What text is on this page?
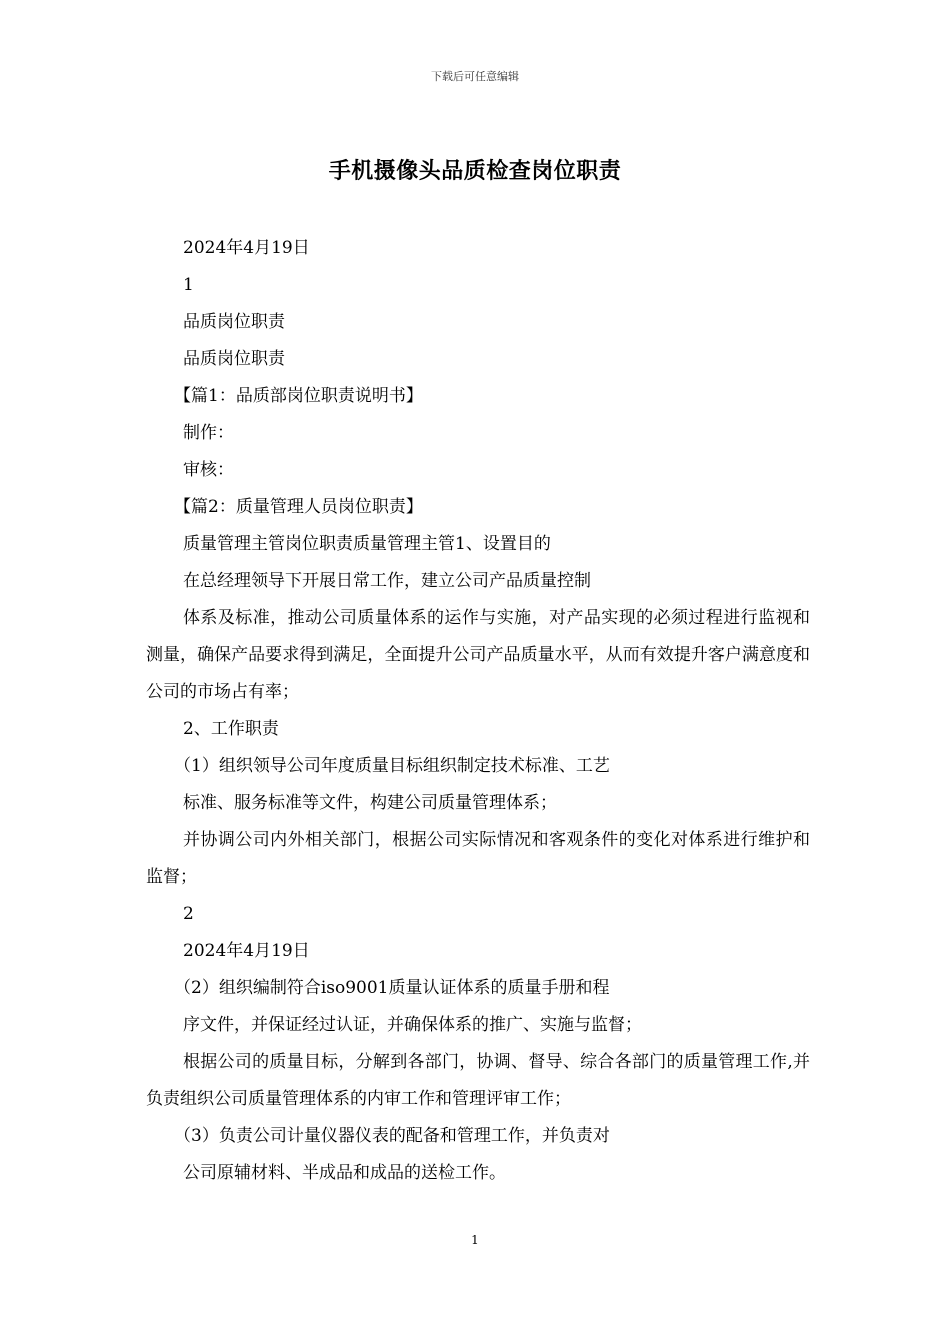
下载后可任意编辑
手机摄像头品质检查岗位职责
2024年4月19日
1
品质岗位职责
品质岗位职责
【篇1：品质部岗位职责说明书】
制作：
审核：
【篇2：质量管理人员岗位职责】
质量管理主管岗位职责质量管理主管1、设置目的
在总经理领导下开展日常工作，建立公司产品质量控制
体系及标准，推动公司质量体系的运作与实施，对产品实现的必须过程进行监视和测量，确保产品要求得到满足，全面提升公司产品质量水平，从而有效提升客户满意度和公司的市场占有率；
2、工作职责
（1）组织领导公司年度质量目标组织制定技术标准、工艺
标准、服务标准等文件，构建公司质量管理体系；
并协调公司内外相关部门，根据公司实际情况和客观条件的变化对体系进行维护和监督；
2
2024年4月19日
（2）组织编制符合iso9001质量认证体系的质量手册和程
序文件，并保证经过认证，并确保体系的推广、实施与监督；
根据公司的质量目标，分解到各部门，协调、督导、综合各部门的质量管理工作,并负责组织公司质量管理体系的内审工作和管理评审工作；
（3）负责公司计量仪器仪表的配备和管理工作，并负责对
公司原辅材料、半成品和成品的送检工作。
1
